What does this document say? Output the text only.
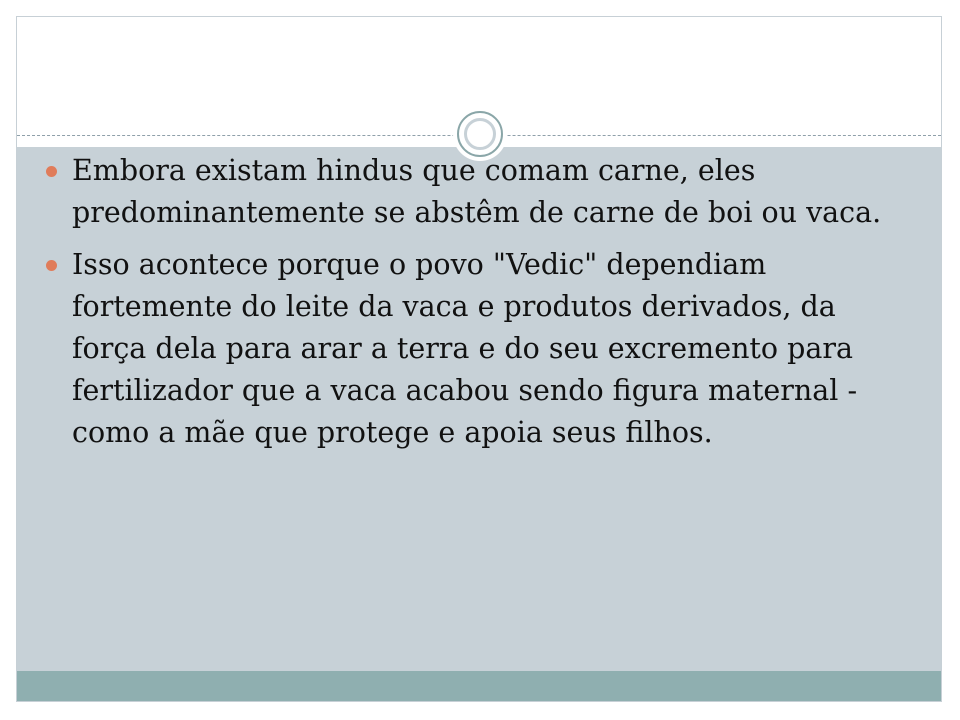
Embora existam hindus que comam carne, eles predominantemente se abstêm de carne de boi ou vaca.
Isso acontece porque o povo "Vedic" dependiam fortemente do leite da vaca e produtos derivados, da força dela para arar a terra e do seu excremento para fertilizador que a vaca acabou sendo figura maternal - como a mãe que protege e apoia seus filhos.
